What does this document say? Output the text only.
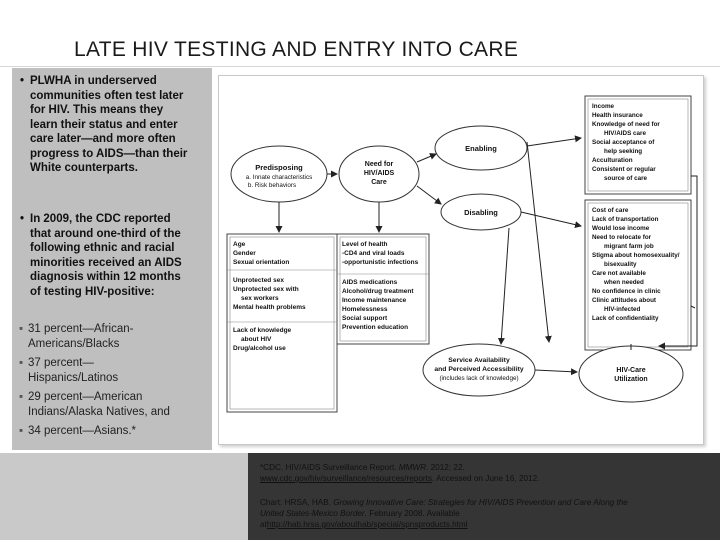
LATE HIV TESTING AND ENTRY INTO CARE
• PLWHA in underserved
communities often test later
for HIV. This means they
learn their status and enter
care later—and more often
progress to AIDS—than their
White counterparts.
• In 2009, the CDC reported
that around one-third of the
following ethnic and racial
minorities received an AIDS
diagnosis within 12 months
of testing HIV-positive:
▪ 31 percent—African-
Americans/Blacks
▪ 37 percent—
Hispanics/Latinos
▪ 29 percent—American
Indians/Alaska Natives, and
▪ 34 percent—Asians.*
Predisposing
a. Innate characteristics
b. Risk behaviors
Need for
HIV/AIDS
Care
Enabling
Disabling
Service Availability
and Perceived Accessibility
(includes lack of knowledge)
HIV-Care
Utilization
Age
Gender
Sexual orientation
Unprotected sex
Unprotected sex with
sex workers
Mental health problems
Lack of knowledge
about HIV
Drug/alcohol use
Level of health
-CD4 and viral loads
-opportunistic infections
AIDS medications
Alcohol/drug treatment
Income maintenance
Homelessness
Social support
Prevention education
Income
Health insurance
Knowledge of need for
HIV/AIDS care
Social acceptance of
help seeking
Acculturation
Consistent or regular
source of care
Cost of care
Lack of transportation
Would lose income
Need to relocate for
migrant farm job
Stigma about homosexuality/
bisexuality
Care not available
when needed
No confidence in clinic
Clinic attitudes about
HIV-infected
Lack of confidentiality
*CDC. HIV/AIDS Surveillance Report. MMWR. 2012; 22.
www.cdc.gov/hiv/surveillance/resources/reports. Accessed on June 16, 2012.
Chart: HRSA, HAB. Growing Innovative Care: Strategies for HIV/AIDS Prevention and Care Along the
United States-Mexico Border. February 2008. Available
athttp://hab.hrsa.gov/abouthab/special/spnsproducts.html
